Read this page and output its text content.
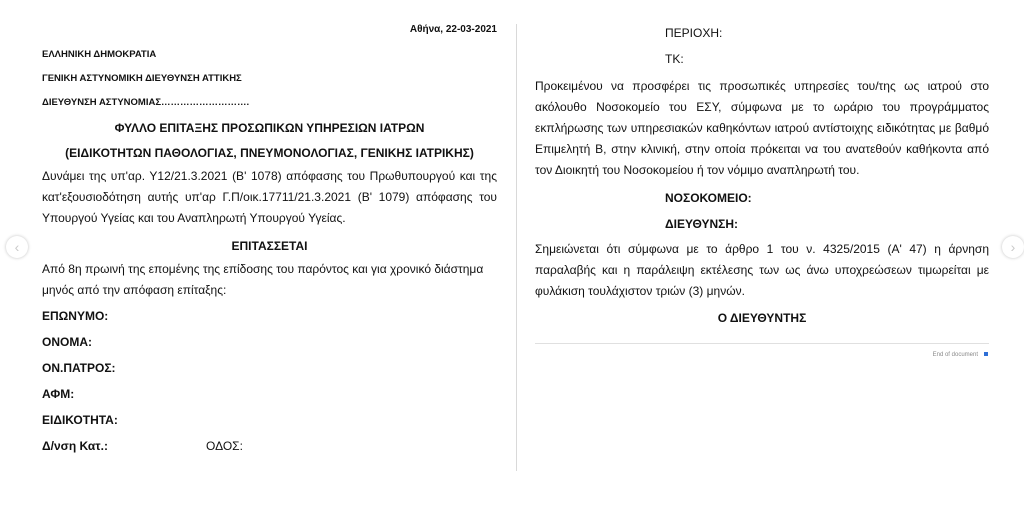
‹	›
Αθήνα, 22-03-2021
ΕΛΛΗΝΙΚΗ ΔΗΜΟΚΡΑΤΙΑ
ΓΕΝΙΚΗ ΑΣΤΥΝΟΜΙΚΗ ΔΙΕΥΘΥΝΣΗ ΑΤΤΙΚΗΣ
ΔΙΕΥΘΥΝΣΗ ΑΣΤΥΝΟΜΙΑΣ……………………….
ΦΥΛΛΟ ΕΠΙΤΑΞΗΣ ΠΡΟΣΩΠΙΚΩΝ ΥΠΗΡΕΣΙΩΝ ΙΑΤΡΩΝ
(ΕΙΔΙΚΟΤΗΤΩΝ ΠΑΘΟΛΟΓΙΑΣ, ΠΝΕΥΜΟΝΟΛΟΓΙΑΣ, ΓΕΝΙΚΗΣ ΙΑΤΡΙΚΗΣ)
Δυνάμει της υπ'αρ. Υ12/21.3.2021 (Β' 1078) απόφασης του Πρωθυπουργού και της κατ'εξουσιοδότηση αυτής υπ'αρ Γ.Π/οικ.17711/21.3.2021 (Β' 1079) απόφασης του Υπουργού Υγείας και του Αναπληρωτή Υπουργού Υγείας.
ΕΠΙΤΑΣΣΕΤΑΙ
Από 8η πρωινή της επομένης της επίδοσης του παρόντος και για χρονικό διάστημα μηνός από την απόφαση επίταξης:
ΕΠΩΝΥΜΟ:
ΟΝΟΜΑ:
ΟΝ.ΠΑΤΡΟΣ:
ΑΦΜ:
ΕΙΔΙΚΟΤΗΤΑ:
Δ/νση Κατ.:	ΟΔΟΣ:
ΠΕΡΙΟΧΗ:
ΤΚ:
Προκειμένου να προσφέρει τις προσωπικές υπηρεσίες του/της ως ιατρού στο ακόλουθο Νοσοκομείο του ΕΣΥ, σύμφωνα με το ωράριο του προγράμματος εκπλήρωσης των υπηρεσιακών καθηκόντων ιατρού αντίστοιχης ειδικότητας με βαθμό Επιμελητή Β, στην κλινική, στην οποία πρόκειται να του ανατεθούν καθήκοντα από τον Διοικητή του Νοσοκομείου ή τον νόμιμο αναπληρωτή του.
ΝΟΣΟΚΟΜΕΙΟ:
ΔΙΕΥΘΥΝΣΗ:
Σημειώνεται ότι σύμφωνα με το άρθρο 1 του ν. 4325/2015 (Α' 47) η άρνηση παραλαβής και η παράλειψη εκτέλεσης των ως άνω υποχρεώσεων τιμωρείται με φυλάκιση τουλάχιστον τριών (3) μηνών.
Ο ΔΙΕΥΘΥΝΤΗΣ
End of document
